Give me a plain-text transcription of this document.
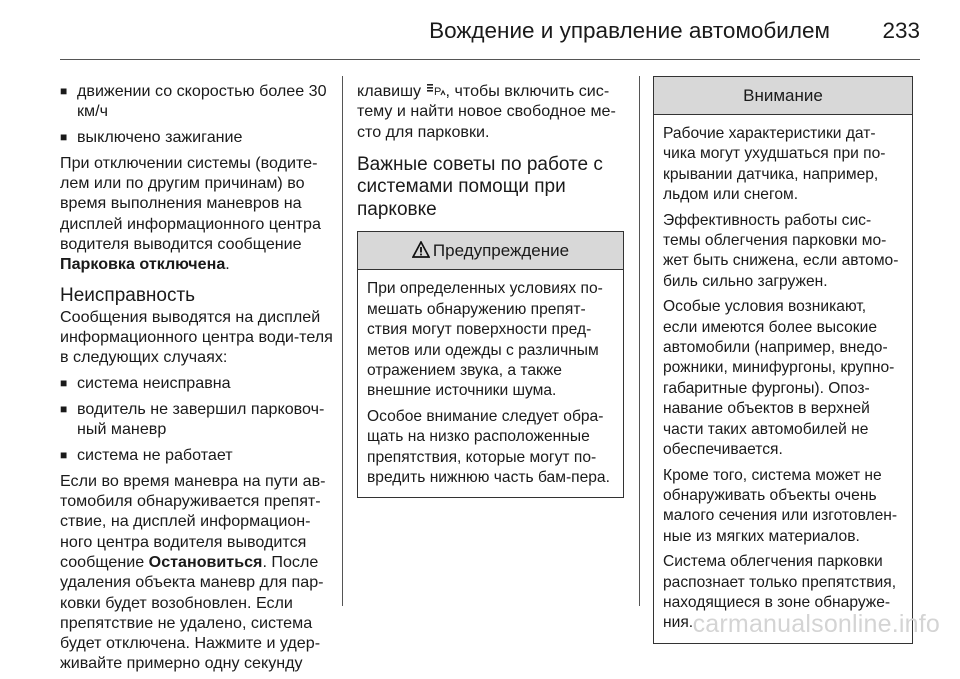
Вождение и управление автомобилем 233
■ движении со скоростью более 30 км/ч
■ выключено зажигание

При отключении системы (водите-лем или по другим причинам) во время выполнения маневров на дисплей информационного центра водителя выводится сообщение Парковка отключена.

Неисправность

Сообщения выводятся на дисплей информационного центра води-теля в следующих случаях:

■ система неисправна
■ водитель не завершил парковоч-ный маневр
■ система не работает

Если во время маневра на пути ав-томобиля обнаруживается препят-ствие, на дисплей информацион-ного центра водителя выводится сообщение Остановиться. После удаления объекта маневр для пар-ковки будет возобновлен. Если препятствие не удалено, система будет отключена. Нажмите и удер-живайте примерно одну секунду

клавишу P , чтобы включить сис-тему и найти новое свободное ме-сто для парковки.

Важные советы по работе с системами помощи при парковке
Предупреждение

При определенных условиях по-мешать обнаружению препят-ствия могут поверхности пред-метов или одежды с различным отражением звука, а также внешние источники шума.

Особое внимание следует обра-щать на низко расположенные препятствия, которые могут по-вредить нижнюю часть бам-пера.

Внимание

Рабочие характеристики дат-чика могут ухудшаться при по-крывании датчика, например, льдом или снегом.

Эффективность работы сис-темы облегчения парковки мо-жет быть снижена, если автомо-биль сильно загружен.

Особые условия возникают, если имеются более высокие автомобили (например, внедо-рожники, минифургоны, крупно-габаритные фургоны). Опоз-навание объектов в верхней части таких автомобилей не обеспечивается.

Кроме того, система может не обнаруживать объекты очень малого сечения или изготовлен-ные из мягких материалов.

Система облегчения парковки распознает только препятствия, находящиеся в зоне обнаруже-ния. carmanualsonline.info
